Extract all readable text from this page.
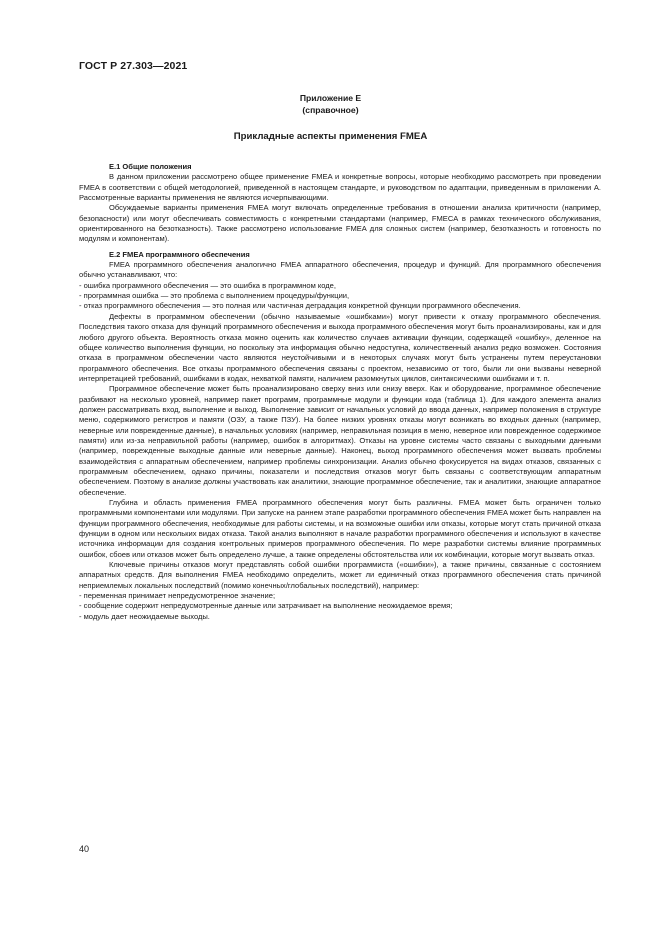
ГОСТ Р 27.303—2021
Приложение Е
(справочное)
Прикладные аспекты применения FMEA

Е.1 Общие положения

В данном приложении рассмотрено общее применение FMEA и конкретные вопросы, которые необходимо рассмотреть при проведении FMEA в соответствии с общей методологией, приведенной в настоящем стандарте, и руководством по адаптации, приведенным в приложении А. Рассмотренные варианты применения не являются исчерпывающими.

Обсуждаемые варианты применения FMEA могут включать определенные требования в отношении анализа критичности (например, безопасности) или могут обеспечивать совместимость с конкретными стандартами (например, FMECA в рамках технического обслуживания, ориентированного на безотказность). Также рассмотрено использование FMEA для сложных систем (например, безотказность и готовность по модулям и компонентам).

Е.2 FMEA программного обеспечения

FMEA программного обеспечения аналогично FMEA аппаратного обеспечения, процедур и функций. Для программного обеспечения обычно устанавливают, что:

- ошибка программного обеспечения — это ошибка в программном коде,

- программная ошибка — это проблема с выполнением процедуры/функции,

- отказ программного обеспечения — это полная или частичная деградация конкретной функции программного обеспечения.

Дефекты в программном обеспечении (обычно называемые «ошибками») могут привести к отказу программного обеспечения. Последствия такого отказа для функций программного обеспечения и выхода программного обеспечения могут быть проанализированы, как и для любого другого объекта. Вероятность отказа можно оценить как количество случаев активации функции, содержащей «ошибку», деленное на общее количество выполнения функции, но поскольку эта информация обычно недоступна, количественный анализ редко возможен. Состояния отказа в программном обеспечении часто являются неустойчивыми и в некоторых случаях могут быть устранены путем переустановки программного обеспечения. Все отказы программного обеспечения связаны с проектом, независимо от того, были ли они вызваны неверной интерпретацией требований, ошибками в кодах, нехваткой памяти, наличием разомкнутых циклов, синтаксическими ошибками и т. п.

Программное обеспечение может быть проанализировано сверху вниз или снизу вверх. Как и оборудование, программное обеспечение разбивают на несколько уровней, например пакет программ, программные модули и функции кода (таблица 1). Для каждого элемента анализ должен рассматривать вход, выполнение и выход. Выполнение зависит от начальных условий до ввода данных, например положения в структуре меню, содержимого регистров и памяти (ОЗУ, а также ПЗУ). На более низких уровнях отказы могут возникать во входных данных (например, неверные или поврежденные данные), в начальных условиях (например, неправильная позиция в меню, неверное или поврежденное содержимое памяти) или из-за неправильной работы (например, ошибок в алгоритмах). Отказы на уровне системы часто связаны с выходными данными (например, поврежденные выходные данные или неверные данные). Наконец, выход программного обеспечения может вызвать проблемы взаимодействия с аппаратным обеспечением, например проблемы синхронизации. Анализ обычно фокусируется на видах отказов, связанных с программным обеспечением, однако причины, показатели и последствия отказов могут быть связаны с соответствующим аппаратным обеспечением. Поэтому в анализе должны участвовать как аналитики, знающие программное обеспечение, так и аналитики, знающие аппаратное обеспечение.

Глубина и область применения FMEA программного обеспечения могут быть различны. FMEA может быть ограничен только программными компонентами или модулями. При запуске на раннем этапе разработки программного обеспечения FMEA может быть направлен на функции программного обеспечения, необходимые для работы системы, и на возможные ошибки или отказы, которые могут стать причиной отказа функции в одном или нескольких видах отказа. Такой анализ выполняют в начале разработки программного обеспечения и используют в качестве источника информации для создания контрольных примеров программного обеспечения. По мере разработки системы влияние программных ошибок, сбоев или отказов может быть определено лучше, а также определены обстоятельства или их комбинации, которые могут вызвать отказ.

Ключевые причины отказов могут представлять собой ошибки программиста («ошибки»), а также причины, связанные с состоянием аппаратных средств. Для выполнения FMEA необходимо определить, может ли единичный отказ программного обеспечения стать причиной неприемлемых локальных последствий (помимо конечных/глобальных последствий), например:

- переменная принимает непредусмотренное значение;

- сообщение содержит непредусмотренные данные или затрачивает на выполнение неожидаемое время;

- модуль дает неожидаемые выходы.

40
